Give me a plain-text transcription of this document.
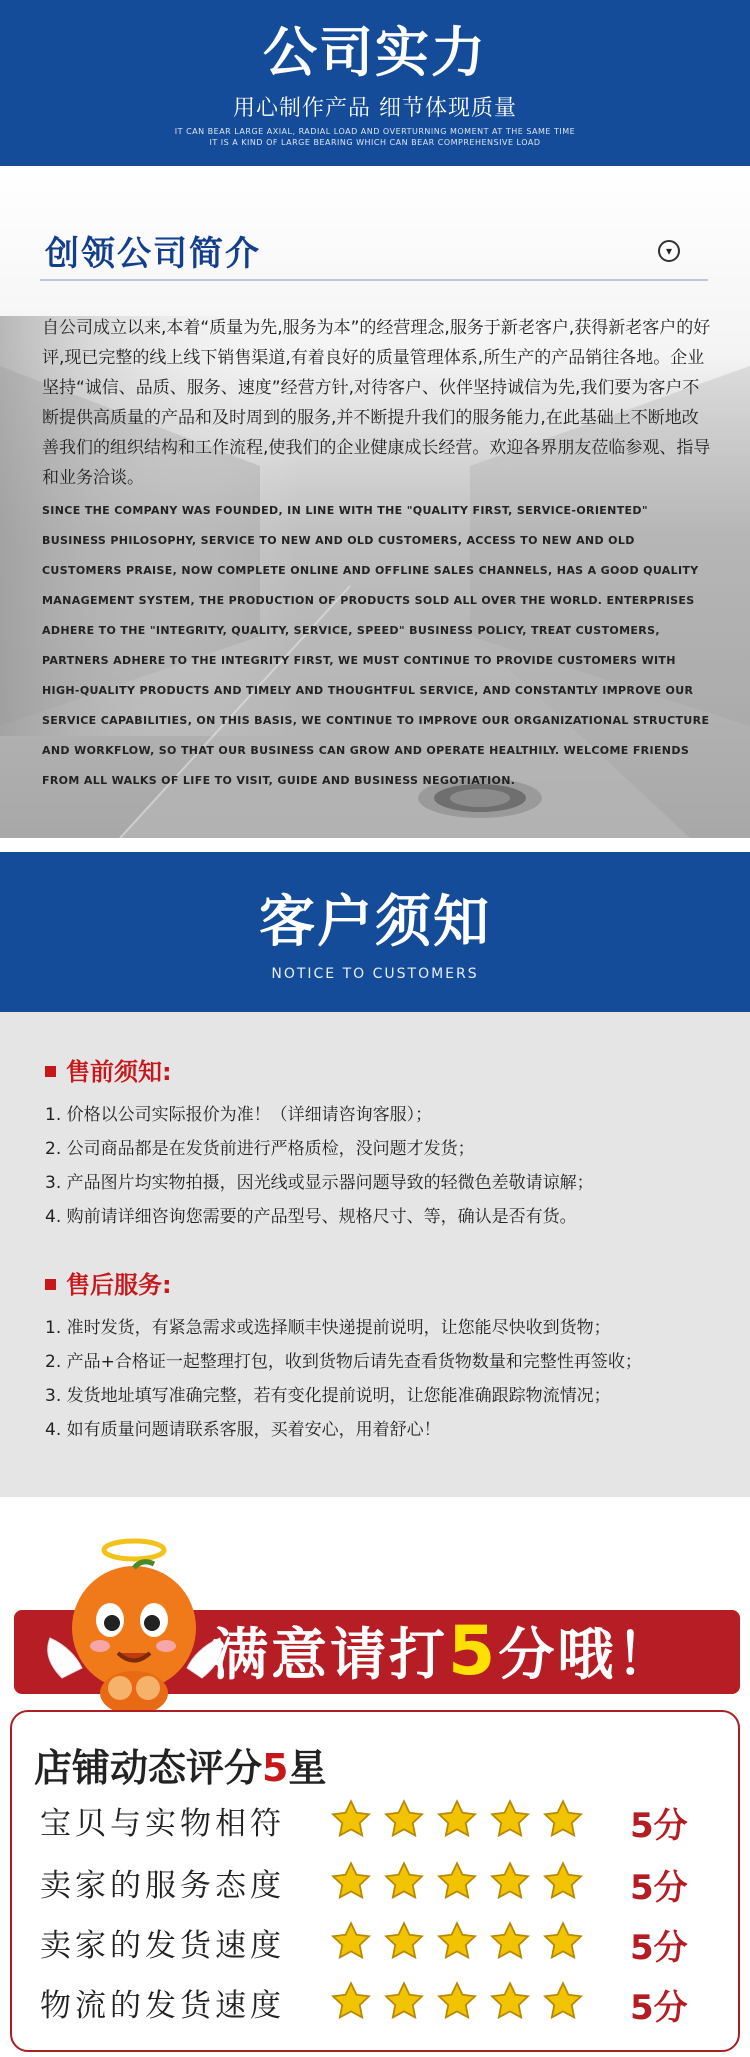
公司实力
用心制作产品 细节体现质量
IT CAN BEAR LARGE AXIAL, RADIAL LOAD AND OVERTURNING MOMENT AT THE SAME TIME
IT IS A KIND OF LARGE BEARING WHICH CAN BEAR COMPREHENSIVE LOAD
创领公司简介	▾
自公司成立以来,本着“质量为先,服务为本”的经营理念,服务于新老客户,获得新老客户的好评,现已完整的线上线下销售渠道,有着良好的质量管理体系,所生产的产品销往各地。企业坚持“诚信、品质、服务、速度”经营方针,对待客户、伙伴坚持诚信为先,我们要为客户不断提供高质量的产品和及时周到的服务,并不断提升我们的服务能力,在此基础上不断地改善我们的组织结构和工作流程,使我们的企业健康成长经营。欢迎各界朋友莅临参观、指导和业务洽谈。
SINCE THE COMPANY WAS FOUNDED, IN LINE WITH THE "QUALITY FIRST, SERVICE-ORIENTED" BUSINESS PHILOSOPHY, SERVICE TO NEW AND OLD CUSTOMERS, ACCESS TO NEW AND OLD CUSTOMERS PRAISE, NOW COMPLETE ONLINE AND OFFLINE SALES CHANNELS, HAS A GOOD QUALITY MANAGEMENT SYSTEM, THE PRODUCTION OF PRODUCTS SOLD ALL OVER THE WORLD. ENTERPRISES ADHERE TO THE "INTEGRITY, QUALITY, SERVICE, SPEED" BUSINESS POLICY, TREAT CUSTOMERS, PARTNERS ADHERE TO THE INTEGRITY FIRST, WE MUST CONTINUE TO PROVIDE CUSTOMERS WITH HIGH-QUALITY PRODUCTS AND TIMELY AND THOUGHTFUL SERVICE, AND CONSTANTLY IMPROVE OUR SERVICE CAPABILITIES, ON THIS BASIS, WE CONTINUE TO IMPROVE OUR ORGANIZATIONAL STRUCTURE AND WORKFLOW, SO THAT OUR BUSINESS CAN GROW AND OPERATE HEALTHILY. WELCOME FRIENDS FROM ALL WALKS OF LIFE TO VISIT, GUIDE AND BUSINESS NEGOTIATION.
客户须知
NOTICE TO CUSTOMERS
售前须知:
1. 价格以公司实际报价为准！（详细请咨询客服）；
2. 公司商品都是在发货前进行严格质检，没问题才发货；
3. 产品图片均实物拍摄，因光线或显示器问题导致的轻微色差敬请谅解；
4. 购前请详细咨询您需要的产品型号、规格尺寸、等，确认是否有货。
售后服务:
1. 准时发货，有紧急需求或选择顺丰快递提前说明，让您能尽快收到货物；
2. 产品+合格证一起整理打包，收到货物后请先查看货物数量和完整性再签收；
3. 发货地址填写准确完整，若有变化提前说明，让您能准确跟踪物流情况；
4. 如有质量问题请联系客服，买着安心，用着舒心！
满意请打5分哦！
店铺动态评分5星
宝贝与实物相符	5分
卖家的服务态度	5分
卖家的发货速度	5分
物流的发货速度	5分
